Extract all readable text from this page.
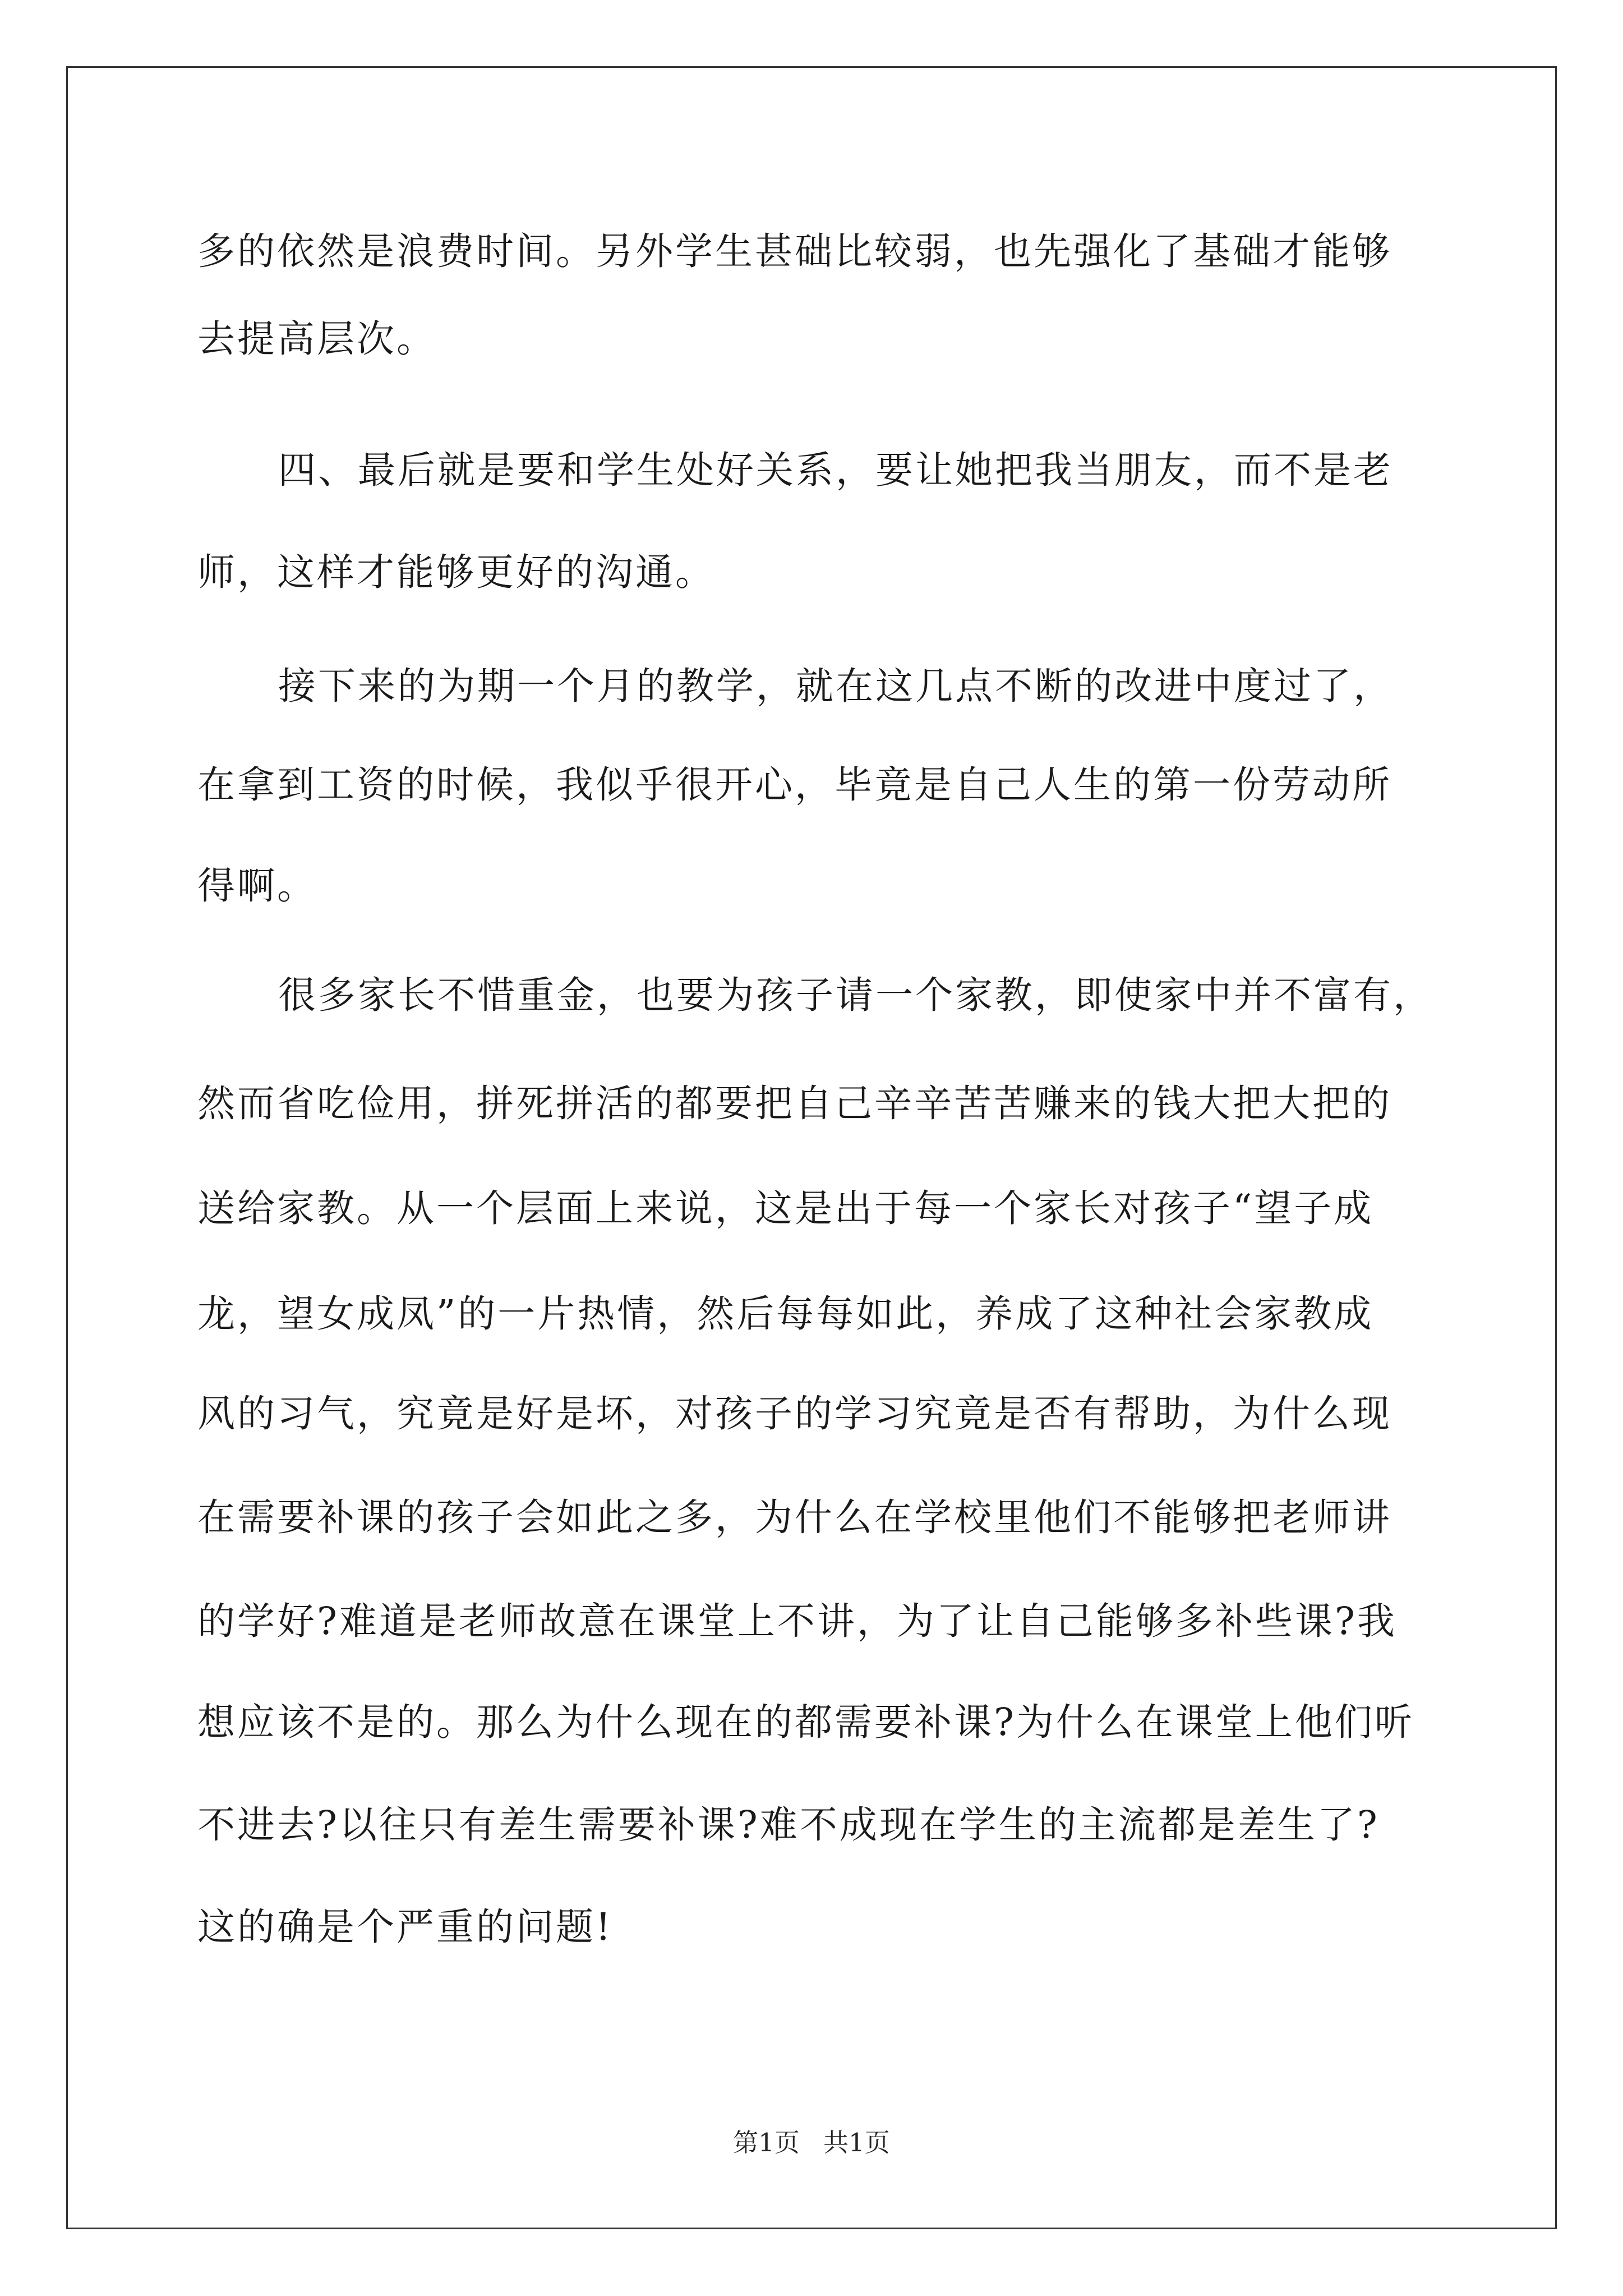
多的依然是浪费时间。另外学生甚础比较弱，也先强化了基础才能够
去提高层次。
四、最后就是要和学生处好关系，要让她把我当朋友，而不是老
师，这样才能够更好的沟通。
接下来的为期一个月的教学，就在这几点不断的改进中度过了，
在拿到工资的时候，我似乎很开心，毕竟是自己人生的第一份劳动所
得啊。
很多家长不惜重金，也要为孩子请一个家教，即使家中并不富有，
然而省吃俭用，拼死拼活的都要把自己辛辛苦苦赚来的钱大把大把的
送给家教。从一个层面上来说，这是出于每一个家长对孩子“望子成
龙，望女成凤”的一片热情，然后每每如此，养成了这种社会家教成
风的习气，究竟是好是坏，对孩子的学习究竟是否有帮助，为什么现
在需要补课的孩子会如此之多，为什么在学校里他们不能够把老师讲
的学好?难道是老师故意在课堂上不讲，为了让自己能够多补些课?我
想应该不是的。那么为什么现在的都需要补课?为什么在课堂上他们听
不进去?以往只有差生需要补课?难不成现在学生的主流都是差生了?
这的确是个严重的问题!
第1页 共1页
